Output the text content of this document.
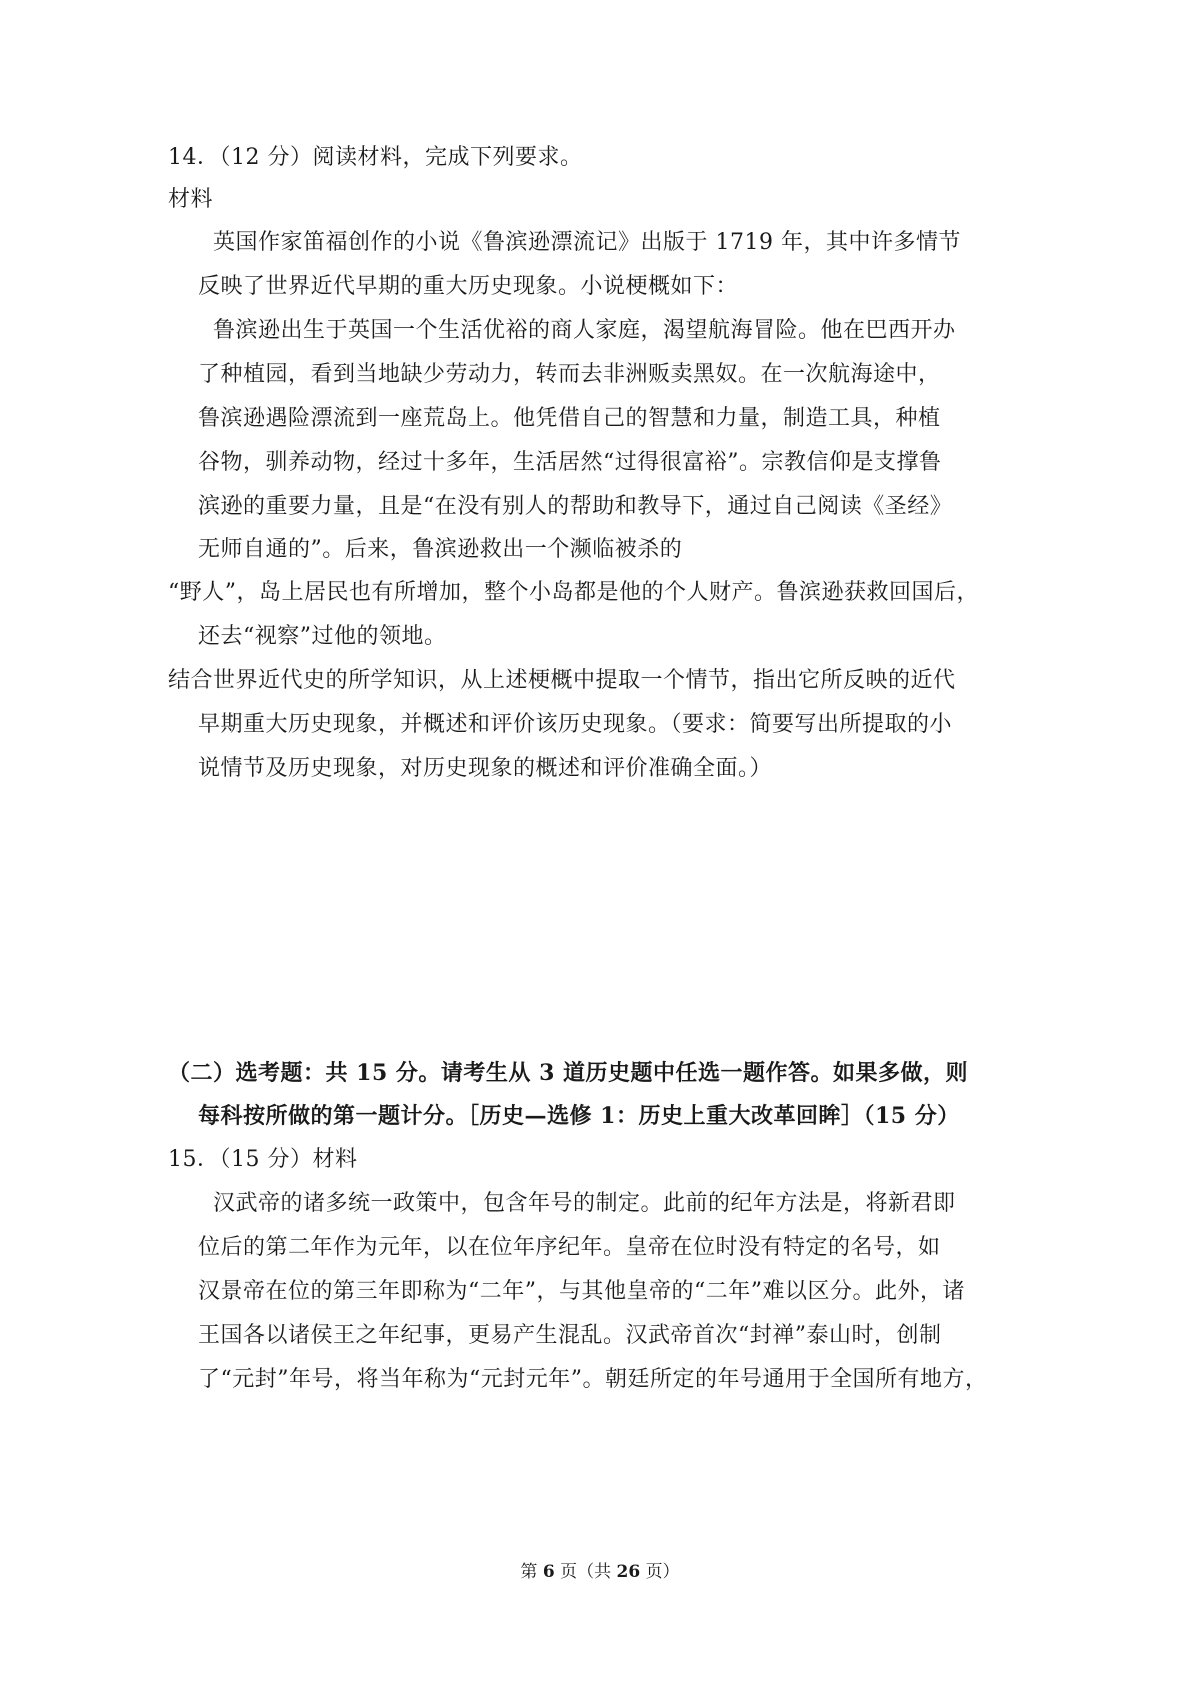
14．（12 分）阅读材料，完成下列要求。
材料
英国作家笛福创作的小说《鲁滨逊漂流记》出版于 1719 年，其中许多情节
反映了世界近代早期的重大历史现象。小说梗概如下：
鲁滨逊出生于英国一个生活优裕的商人家庭，渴望航海冒险。他在巴西开办
了种植园，看到当地缺少劳动力，转而去非洲贩卖黑奴。在一次航海途中，
鲁滨逊遇险漂流到一座荒岛上。他凭借自己的智慧和力量，制造工具，种植
谷物，驯养动物，经过十多年，生活居然“过得很富裕”。宗教信仰是支撑鲁
滨逊的重要力量，且是“在没有别人的帮助和教导下，通过自己阅读《圣经》
无师自通的”。后来，鲁滨逊救出一个濒临被杀的
“野人”，岛上居民也有所增加，整个小岛都是他的个人财产。鲁滨逊获救回国后，
还去“视察”过他的领地。
结合世界近代史的所学知识，从上述梗概中提取一个情节，指出它所反映的近代
早期重大历史现象，并概述和评价该历史现象。（要求：简要写出所提取的小
说情节及历史现象，对历史现象的概述和评价准确全面。）
（二）选考题：共 15 分。请考生从 3 道历史题中任选一题作答。如果多做，则
每科按所做的第一题计分。［历史—选修 1：历史上重大改革回眸］（15 分）
15．（15 分）材料
汉武帝的诸多统一政策中，包含年号的制定。此前的纪年方法是，将新君即
位后的第二年作为元年，以在位年序纪年。皇帝在位时没有特定的名号，如
汉景帝在位的第三年即称为“二年”，与其他皇帝的“二年”难以区分。此外，诸
王国各以诸侯王之年纪事，更易产生混乱。汉武帝首次“封禅”泰山时，创制
了“元封”年号，将当年称为“元封元年”。朝廷所定的年号通用于全国所有地方，
第 6 页（共 26 页）
